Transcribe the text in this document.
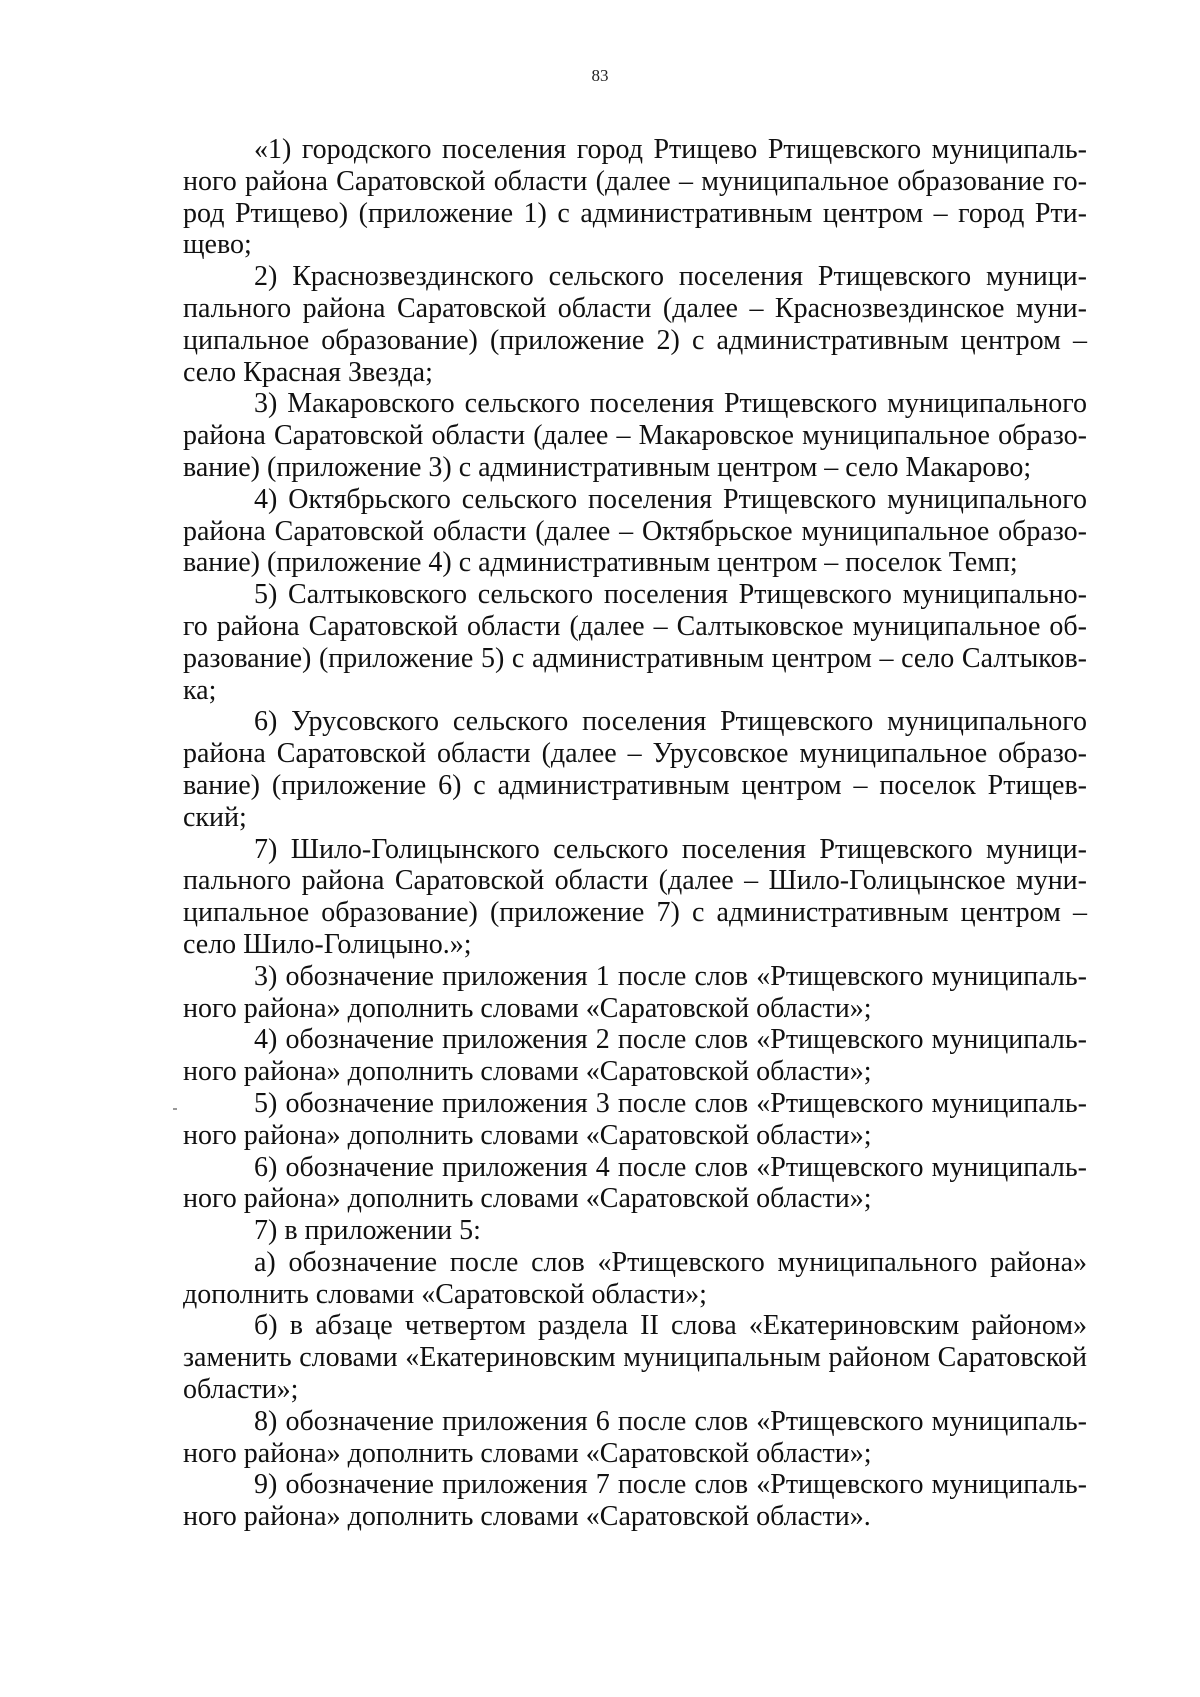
83
«1) городского поселения город Ртищево Ртищевского муниципаль-
ного района Саратовской области (далее – муниципальное образование го-
род Ртищево) (приложение 1) с административным центром – город Рти-
щево;
2) Краснозвездинского сельского поселения Ртищевского муници-
пального района Саратовской области (далее – Краснозвездинское муни-
ципальное образование) (приложение 2) с административным центром –
село Красная Звезда;
3) Макаровского сельского поселения Ртищевского муниципального
района Саратовской области (далее – Макаровское муниципальное образо-
вание) (приложение 3) с административным центром – село Макарово;
4) Октябрьского сельского поселения Ртищевского муниципального
района Саратовской области (далее – Октябрьское муниципальное образо-
вание) (приложение 4) с административным центром – поселок Темп;
5) Салтыковского сельского поселения Ртищевского муниципально-
го района Саратовской области (далее – Салтыковское муниципальное об-
разование) (приложение 5) с административным центром – село Салтыков-
ка;
6) Урусовского сельского поселения Ртищевского муниципального
района Саратовской области (далее – Урусовское муниципальное образо-
вание) (приложение 6) с административным центром – поселок Ртищев-
ский;
7) Шило-Голицынского сельского поселения Ртищевского муници-
пального района Саратовской области (далее – Шило-Голицынское муни-
ципальное образование) (приложение 7) с административным центром –
село Шило-Голицыно.»;
3) обозначение приложения 1 после слов «Ртищевского муниципаль-
ного района» дополнить словами «Саратовской области»;
4) обозначение приложения 2 после слов «Ртищевского муниципаль-
ного района» дополнить словами «Саратовской области»;
5) обозначение приложения 3 после слов «Ртищевского муниципаль-
ного района» дополнить словами «Саратовской области»;
6) обозначение приложения 4 после слов «Ртищевского муниципаль-
ного района» дополнить словами «Саратовской области»;
7) в приложении 5:
а) обозначение после слов «Ртищевского муниципального района»
дополнить словами «Саратовской области»;
б) в абзаце четвертом раздела II слова «Екатериновским районом»
заменить словами «Екатериновским муниципальным районом Саратовской
области»;
8) обозначение приложения 6 после слов «Ртищевского муниципаль-
ного района» дополнить словами «Саратовской области»;
9) обозначение приложения 7 после слов «Ртищевского муниципаль-
ного района» дополнить словами «Саратовской области».
